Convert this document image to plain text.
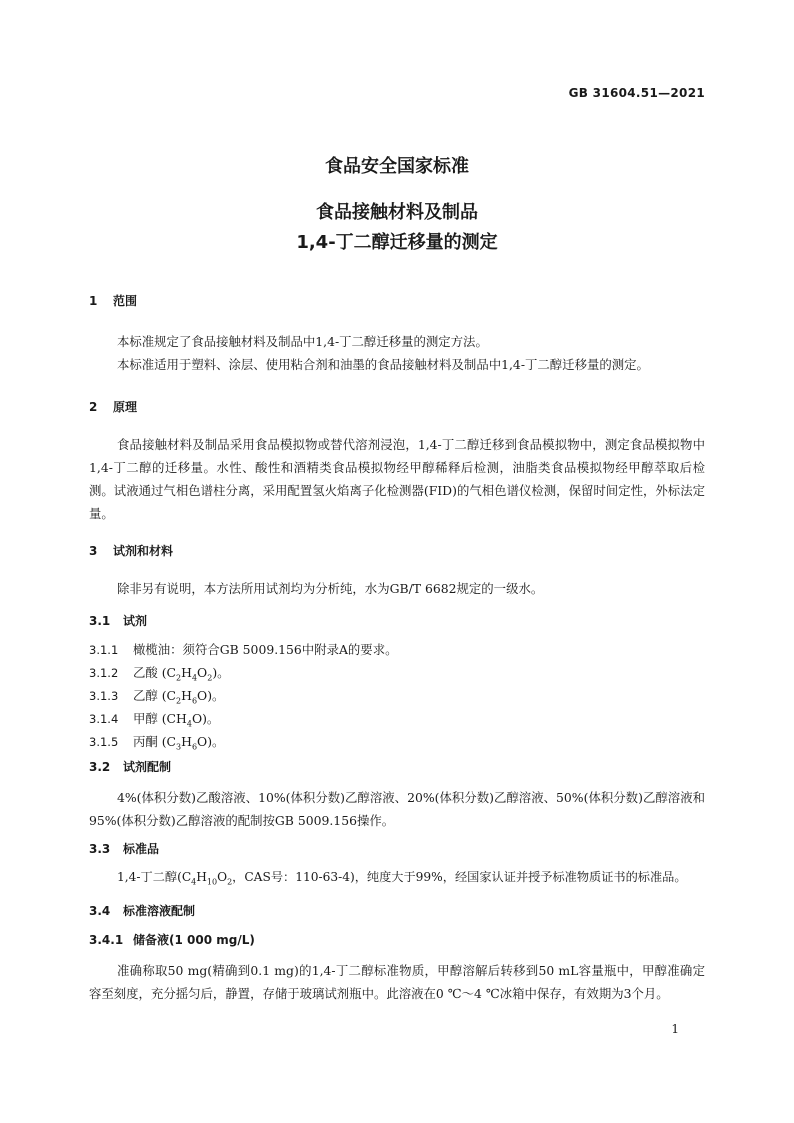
GB 31604.51—2021
食品安全国家标准
食品接触材料及制品
1,4-丁二醇迁移量的测定
1 范围
本标准规定了食品接触材料及制品中1,4-丁二醇迁移量的测定方法。
本标准适用于塑料、涂层、使用粘合剂和油墨的食品接触材料及制品中1,4-丁二醇迁移量的测定。
2 原理
食品接触材料及制品采用食品模拟物或替代溶剂浸泡，1,4-丁二醇迁移到食品模拟物中，测定食品模拟物中1,4-丁二醇的迁移量。水性、酸性和酒精类食品模拟物经甲醇稀释后检测，油脂类食品模拟物经甲醇萃取后检测。试液通过气相色谱柱分离，采用配置氢火焰离子化检测器(FID)的气相色谱仪检测，保留时间定性，外标法定量。
3 试剂和材料
除非另有说明，本方法所用试剂均为分析纯，水为GB/T 6682规定的一级水。
3.1 试剂
3.1.1 橄榄油：须符合GB 5009.156中附录A的要求。
3.1.2 乙酸 $(C_2H_4O_2)$。
3.1.3 乙醇 $(C_2H_6O)$。
3.1.4 甲醇 $(CH_4O)$。
3.1.5 丙酮 $(C_3H_6O)$。
3.2 试剂配制
4%(体积分数)乙酸溶液、10%(体积分数)乙醇溶液、20%(体积分数)乙醇溶液、50%(体积分数)乙醇溶液和95%(体积分数)乙醇溶液的配制按GB 5009.156操作。
3.3 标准品
1,4-丁二醇($C_4H_{10}O_2$，CAS号：110-63-4)，纯度大于99%，经国家认证并授予标准物质证书的标准品。
3.4 标准溶液配制
3.4.1 储备液(1 000 mg/L)
准确称取50 mg(精确到0.1 mg)的1,4-丁二醇标准物质，甲醇溶解后转移到50 mL容量瓶中，甲醇准确定容至刻度，充分摇匀后，静置，存储于玻璃试剂瓶中。此溶液在0 ℃～4 ℃冰箱中保存，有效期为3个月。
1
